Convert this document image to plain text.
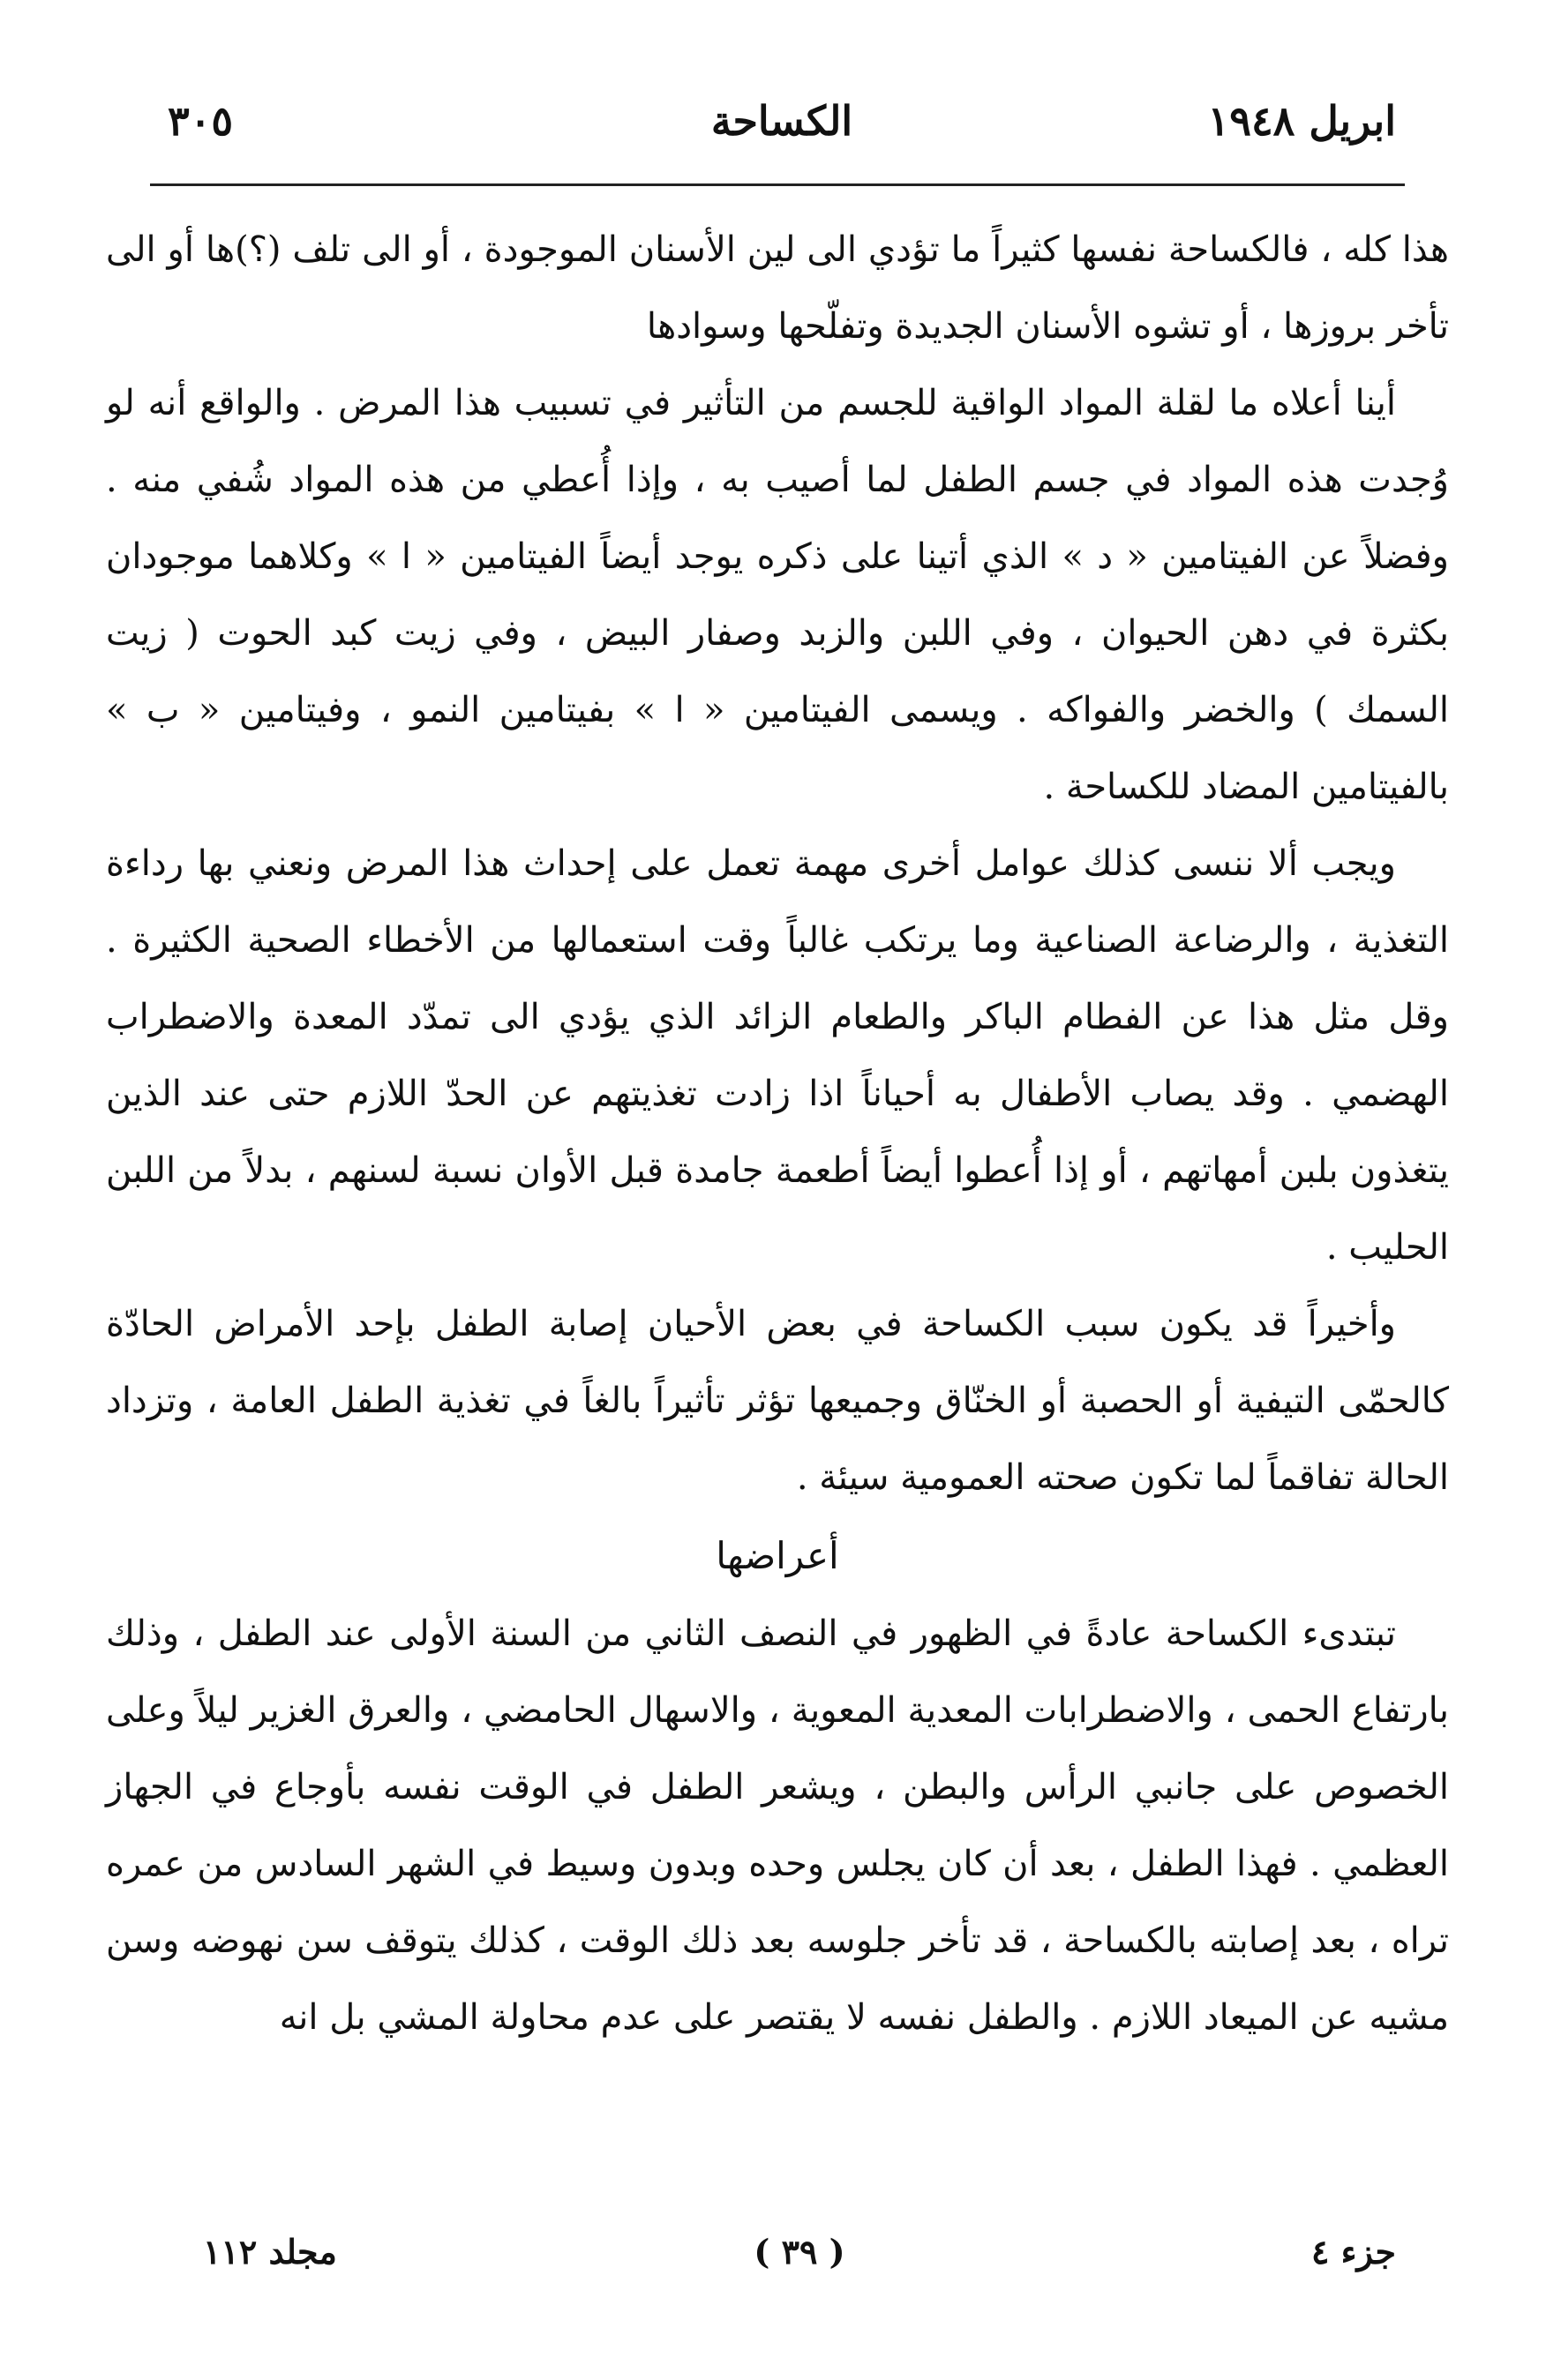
ابريل ١٩٤٨
الكساحة
٣٠٥

هذا كله ، فالكساحة نفسها كثيراً ما تؤدي الى لين الأسنان الموجودة ، أو الى تلف (؟)ها أو الى تأخر بروزها ، أو تشوه الأسنان الجديدة وتفلّحها وسوادها

أينا أعلاه ما لقلة المواد الواقية للجسم من التأثير في تسبيب هذا المرض . والواقع أنه لو وُجدت هذه المواد في جسم الطفل لما أصيب به ، وإذا أُعطي من هذه المواد شُفي منه . وفضلاً عن الفيتامين « د » الذي أتينا على ذكره يوجد أيضاً الفيتامين « ا » وكلاهما موجودان بكثرة في دهن الحيوان ، وفي اللبن والزبد وصفار البيض ، وفي زيت كبد الحوت ( زيت السمك ) والخضر والفواكه . ويسمى الفيتامين « ا » بفيتامين النمو ، وفيتامين « ب » بالفيتامين المضاد للكساحة .

ويجب ألا ننسى كذلك عوامل أخرى مهمة تعمل على إحداث هذا المرض ونعني بها رداءة التغذية ، والرضاعة الصناعية وما يرتكب غالباً وقت استعمالها من الأخطاء الصحية الكثيرة . وقل مثل هذا عن الفطام الباكر والطعام الزائد الذي يؤدي الى تمدّد المعدة والاضطراب الهضمي . وقد يصاب الأطفال به أحياناً اذا زادت تغذيتهم عن الحدّ اللازم حتى عند الذين يتغذون بلبن أمهاتهم ، أو إذا أُعطوا أيضاً أطعمة جامدة قبل الأوان نسبة لسنهم ، بدلاً من اللبن الحليب .

وأخيراً قد يكون سبب الكساحة في بعض الأحيان إصابة الطفل بإحد الأمراض الحادّة كالحمّى التيفية أو الحصبة أو الخنّاق وجميعها تؤثر تأثيراً بالغاً في تغذية الطفل العامة ، وتزداد الحالة تفاقماً لما تكون صحته العمومية سيئة .

أعراضها

تبتدىء الكساحة عادةً في الظهور في النصف الثاني من السنة الأولى عند الطفل ، وذلك بارتفاع الحمى ، والاضطرابات المعدية المعوية ، والاسهال الحامضي ، والعرق الغزير ليلاً وعلى الخصوص على جانبي الرأس والبطن ، ويشعر الطفل في الوقت نفسه بأوجاع في الجهاز العظمي . فهذا الطفل ، بعد أن كان يجلس وحده وبدون وسيط في الشهر السادس من عمره تراه ، بعد إصابته بالكساحة ، قد تأخر جلوسه بعد ذلك الوقت ، كذلك يتوقف سن نهوضه وسن مشيه عن الميعاد اللازم . والطفل نفسه لا يقتصر على عدم محاولة المشي بل انه

جزء ٤
( ٣٩ )
مجلد ١١٢
